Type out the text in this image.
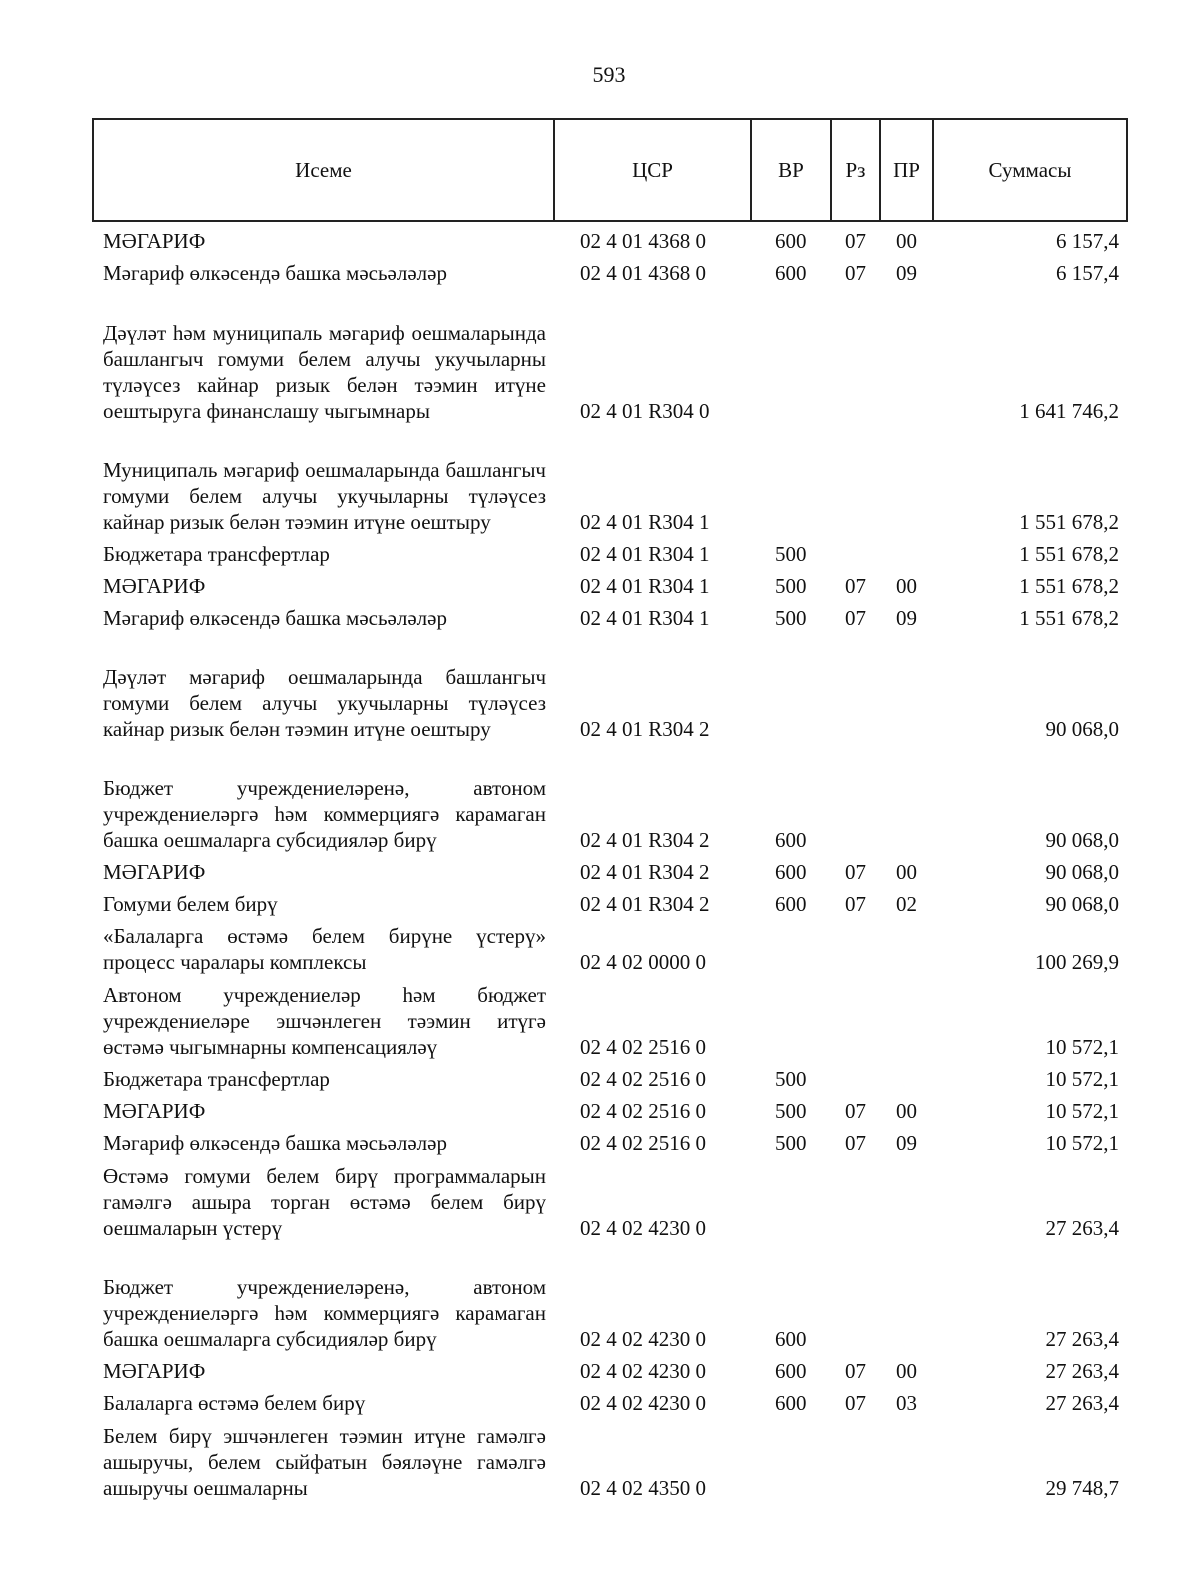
593
Исеме	ЦСР	ВР	Рз	ПР	Суммасы
МӘГАРИФ	02 4 01 4368 0	600	07	00	6 157,4
Мәгариф өлкәсендә башка мәсьәләләр	02 4 01 4368 0	600	07	09	6 157,4
Дәүләт һәм муниципаль мәгариф оешмаларында башлангыч гомуми белем алучы укучыларны түләүсез кайнар ризык белән тәэмин итүне оештыруга финанслашу чыгымнары	02 4 01 R304 0				1 641 746,2
Муниципаль мәгариф оешмаларында башлангыч гомуми белем алучы укучыларны түләүсез кайнар ризык белән тәэмин итүне оештыру	02 4 01 R304 1				1 551 678,2
Бюджетара трансфертлар	02 4 01 R304 1	500			1 551 678,2
МӘГАРИФ	02 4 01 R304 1	500	07	00	1 551 678,2
Мәгариф өлкәсендә башка мәсьәләләр	02 4 01 R304 1	500	07	09	1 551 678,2
Дәүләт мәгариф оешмаларында башлангыч гомуми белем алучы укучыларны түләүсез кайнар ризык белән тәэмин итүне оештыру	02 4 01 R304 2				90 068,0
Бюджет учреждениеләренә, автоном учреждениеләргә һәм коммерциягә карамаган башка оешмаларга субсидияләр бирү	02 4 01 R304 2	600			90 068,0
МӘГАРИФ	02 4 01 R304 2	600	07	00	90 068,0
Гомуми белем бирү	02 4 01 R304 2	600	07	02	90 068,0
«Балаларга өстәмә белем бирүне үстерү» процесс чаралары комплексы	02 4 02 0000 0				100 269,9
Автоном учреждениеләр һәм бюджет учреждениеләре эшчәнлеген тәэмин итүгә өстәмә чыгымнарны компенсацияләү	02 4 02 2516 0				10 572,1
Бюджетара трансфертлар	02 4 02 2516 0	500			10 572,1
МӘГАРИФ	02 4 02 2516 0	500	07	00	10 572,1
Мәгариф өлкәсендә башка мәсьәләләр	02 4 02 2516 0	500	07	09	10 572,1
Өстәмә гомуми белем бирү программаларын гамәлгә ашыра торган өстәмә белем бирү оешмаларын үстерү	02 4 02 4230 0				27 263,4
Бюджет учреждениеләренә, автоном учреждениеләргә һәм коммерциягә карамаган башка оешмаларга субсидияләр бирү	02 4 02 4230 0	600			27 263,4
МӘГАРИФ	02 4 02 4230 0	600	07	00	27 263,4
Балаларга өстәмә белем бирү	02 4 02 4230 0	600	07	03	27 263,4
Белем бирү эшчәнлеген тәэмин итүне гамәлгә ашыручы, белем сыйфатын бәяләүне гамәлгә ашыручы оешмаларны	02 4 02 4350 0				29 748,7
